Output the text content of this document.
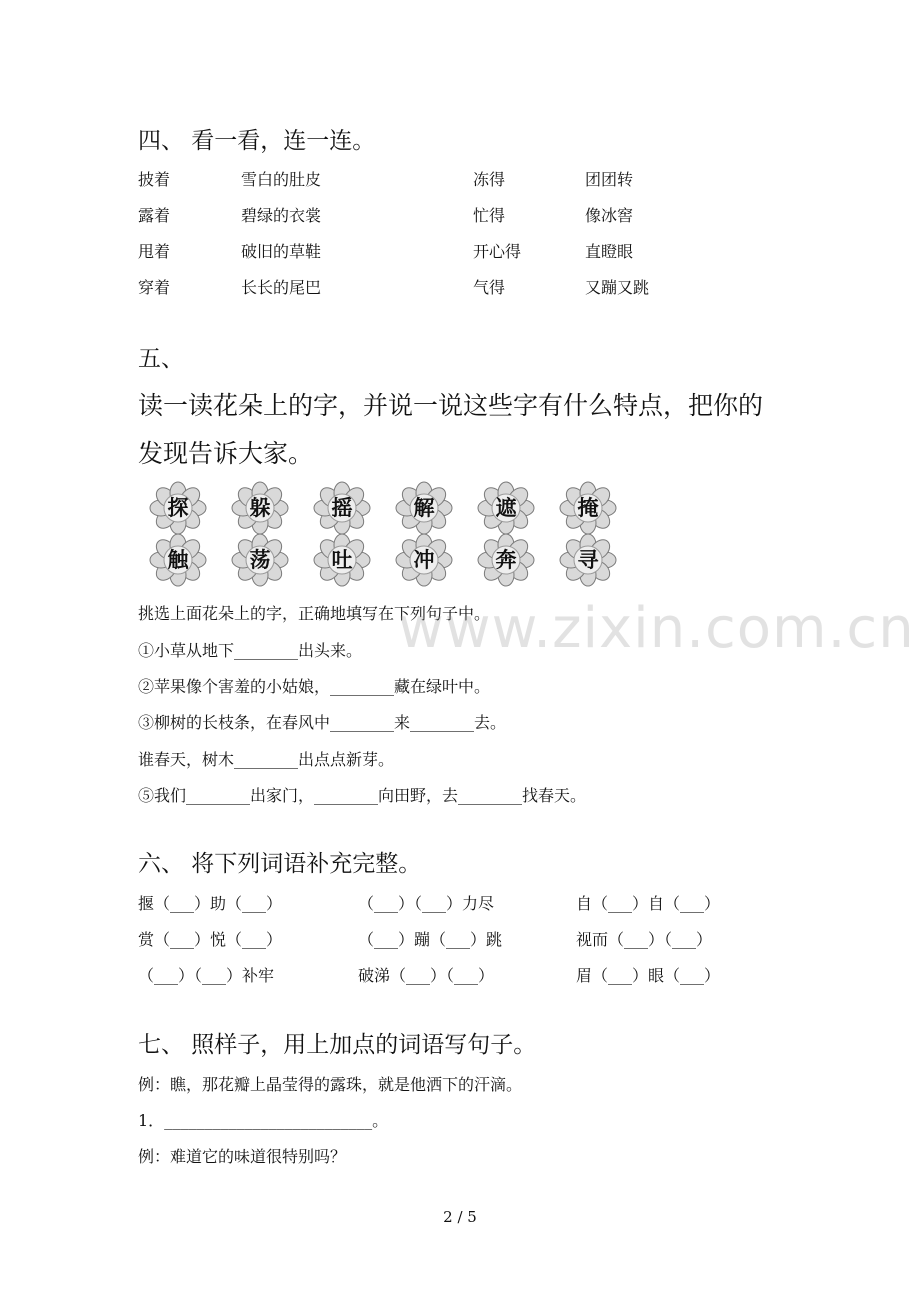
四、 看一看，连一连。
披着	雪白的肚皮	冻得	团团转
露着	碧绿的衣裳	忙得	像冰窖
甩着	破旧的草鞋	开心得	直瞪眼
穿着	长长的尾巴	气得	又蹦又跳
五、
读一读花朵上的字，并说一说这些字有什么特点，把你的
发现告诉大家。
探	躲	摇	解	遮	掩
触	荡	吐	冲	奔	寻
挑选上面花朵上的字，正确地填写在下列句子中。
①小草从地下________出头来。
②苹果像个害羞的小姑娘，________藏在绿叶中。
③柳树的长枝条，在春风中________来________去。
谁春天，树木________出点点新芽。
⑤我们________出家门，________向田野，去________找春天。
www.zixin.com.cn
六、 将下列词语补充完整。
揠（___）助（___）	（___）（___）力尽	自（___）自（___）
赏（___）悦（___）	（___）蹦（___）跳	视而（___）（___）
（___）（___）补牢	破涕（___）（___）	眉（___）眼（___）
七、 照样子，用上加点的词语写句子。
例：瞧，那花瓣上晶莹得的露珠，就是他洒下的汗滴。
1．__________________________。
例：难道它的味道很特别吗？
2 / 5
